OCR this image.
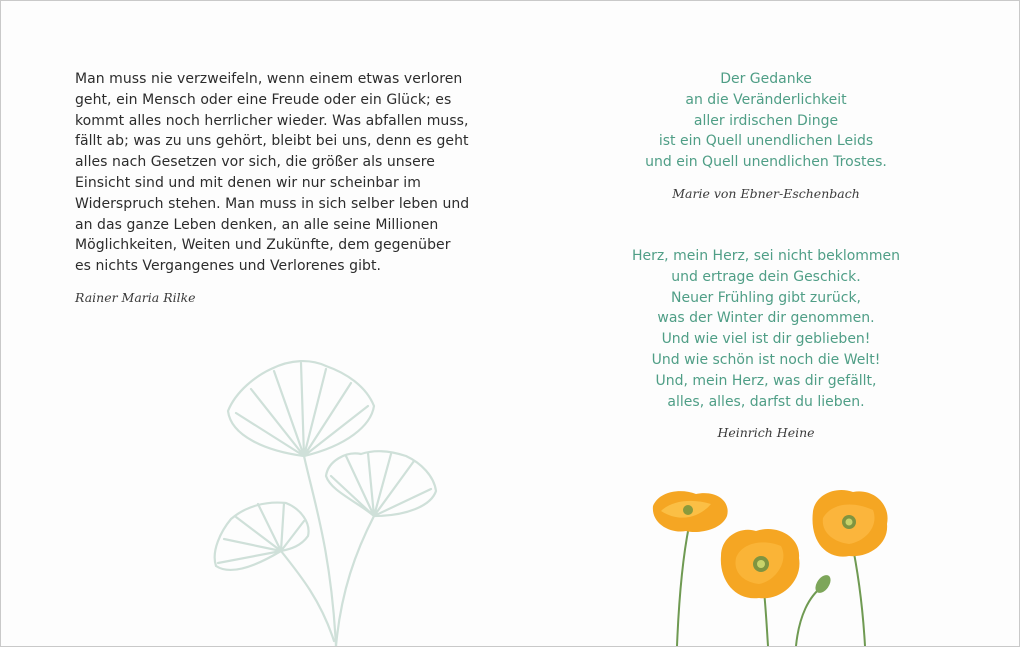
Man muss nie verzweifeln, wenn einem etwas verloren
geht, ein Mensch oder eine Freude oder ein Glück; es
kommt alles noch herrlicher wieder. Was abfallen muss,
fällt ab; was zu uns gehört, bleibt bei uns, denn es geht
alles nach Gesetzen vor sich, die größer als unsere
Einsicht sind und mit denen wir nur scheinbar im
Widerspruch stehen. Man muss in sich selber leben und
an das ganze Leben denken, an alle seine Millionen
Möglichkeiten, Weiten und Zukünfte, dem gegenüber
es nichts Vergangenes und Verlorenes gibt.
Rainer Maria Rilke
Der Gedanke
an die Veränderlichkeit
aller irdischen Dinge
ist ein Quell unendlichen Leids
und ein Quell unendlichen Trostes.
Marie von Ebner-Eschenbach
Herz, mein Herz, sei nicht beklommen
und ertrage dein Geschick.
Neuer Frühling gibt zurück,
was der Winter dir genommen.
Und wie viel ist dir geblieben!
Und wie schön ist noch die Welt!
Und, mein Herz, was dir gefällt,
alles, alles, darfst du lieben.
Heinrich Heine
